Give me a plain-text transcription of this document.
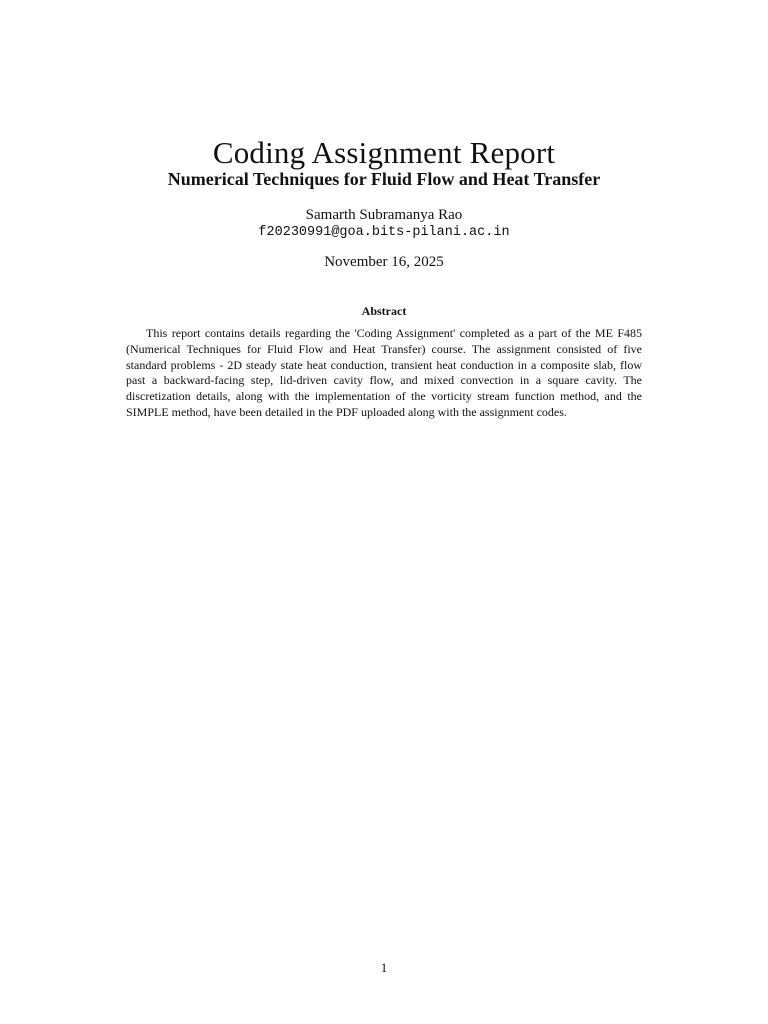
Coding Assignment Report
Numerical Techniques for Fluid Flow and Heat Transfer
Samarth Subramanya Rao
f20230991@goa.bits-pilani.ac.in
November 16, 2025
Abstract
This report contains details regarding the 'Coding Assignment' completed as a part of the ME F485 (Numerical Techniques for Fluid Flow and Heat Transfer) course. The assignment consisted of five standard problems - 2D steady state heat conduction, transient heat conduction in a composite slab, flow past a backward-facing step, lid-driven cavity flow, and mixed convection in a square cavity. The discretization details, along with the implementation of the vorticity stream function method, and the SIMPLE method, have been detailed in the PDF uploaded along with the assignment codes.
1
